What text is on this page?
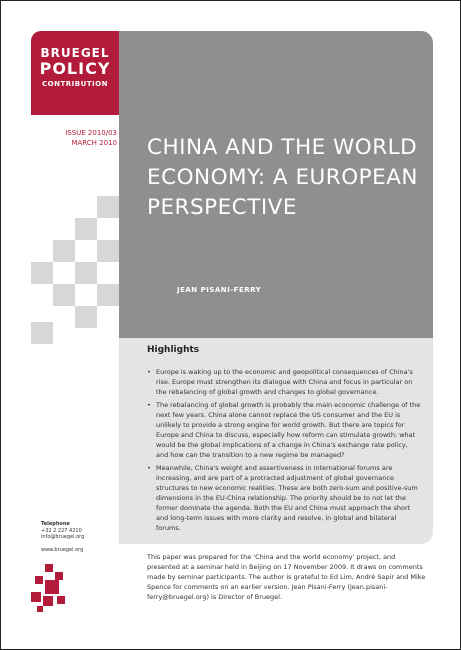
BRUEGEL
POLICY
CONTRIBUTION
ISSUE 2010/03
MARCH 2010 CHINA AND THE WORLD
ECONOMY: A EUROPEAN
PERSPECTIVE
JEAN PISANI-FERRY
Highlights
• Europe is waking up to the economic and geopolitical consequences of China's rise. Europe must strengthen its dialogue with China and focus in particular on the rebalancing of global growth and changes to global governance.
• The rebalancing of global growth is probably the main economic challenge of the next few years. China alone cannot replace the US consumer and the EU is unlikely to provide a strong engine for world growth. But there are topics for Europe and China to discuss, especially how reform can stimulate growth: what would be the global implications of a change in China's exchange rate policy, and how can the transition to a new regime be managed?
• Meanwhile, China's weight and assertiveness in international forums are increasing, and are part of a protracted adjustment of global governance structures to new economic realities. These are both zero-sum and positive-sum dimensions in the EU-China relationship. The priority should be to not let the former dominate the agenda. Both the EU and China must approach the short and long-term issues with more clarity and resolve, in global and bilateral forums.
Telephone
+32 2 227 4210
info@bruegel.org
www.bruegel.org
This paper was prepared for the 'China and the world economy' project, and presented at a seminar held in Beijing on 17 November 2009. It draws on comments made by seminar participants. The author is grateful to Ed Lim, André Sapir and Mike Spence for comments on an earlier version. Jean Pisani-Ferry (jean.pisani-ferry@bruegel.org) is Director of Bruegel.
